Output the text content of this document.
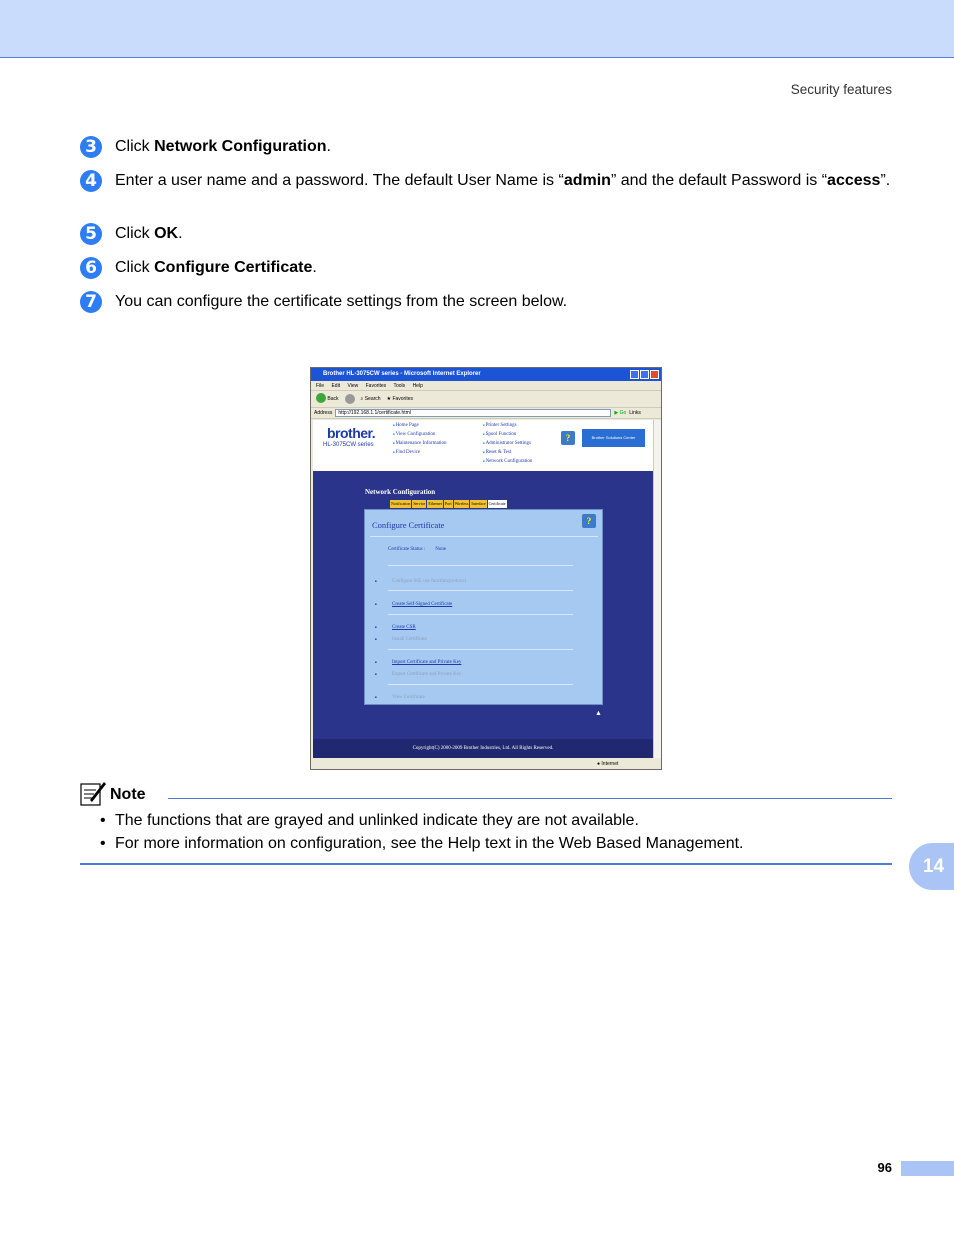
Security features
3	Click Network Configuration.
4	Enter a user name and a password. The default User Name is “admin” and the default Password is “access”.
5	Click OK.
6	Click Configure Certificate.
7	You can configure the certificate settings from the screen below.
Brother HL-3075CW series - Microsoft Internet Explorer
File Edit View Favorites Tools Help
Back	⌕ Search ★ Favorites
Address	http://192.168.1.1/certificate.html	▶ Go Links
brother.
HL-3075CW series
■ Home Page
■ View Configuration
■ Maintenance Information
■ Find Device
■ Printer Settings
■ Spool Function
■ Administrator Settings
■ Reset & Test
■ Network Configuration
?	Brother Solutions Center
Network Configuration
Notification Service Ethernet Port Wireless Interface Certificate
Configure Certificate	?
Certificate Status : None
■ Configure SSL use function/protocol
■ Create Self-Signed Certificate
■ Create CSR
■ Install Certificate
■ Import Certificate and Private Key
■ Export Certificate and Private Key
■ View Certificate
▲
Copyright(C) 2000-2009 Brother Industries, Ltd. All Rights Reserved.
● Internet
Note
• The functions that are grayed and unlinked indicate they are not available.
• For more information on configuration, see the Help text in the Web Based Management.
14
96
